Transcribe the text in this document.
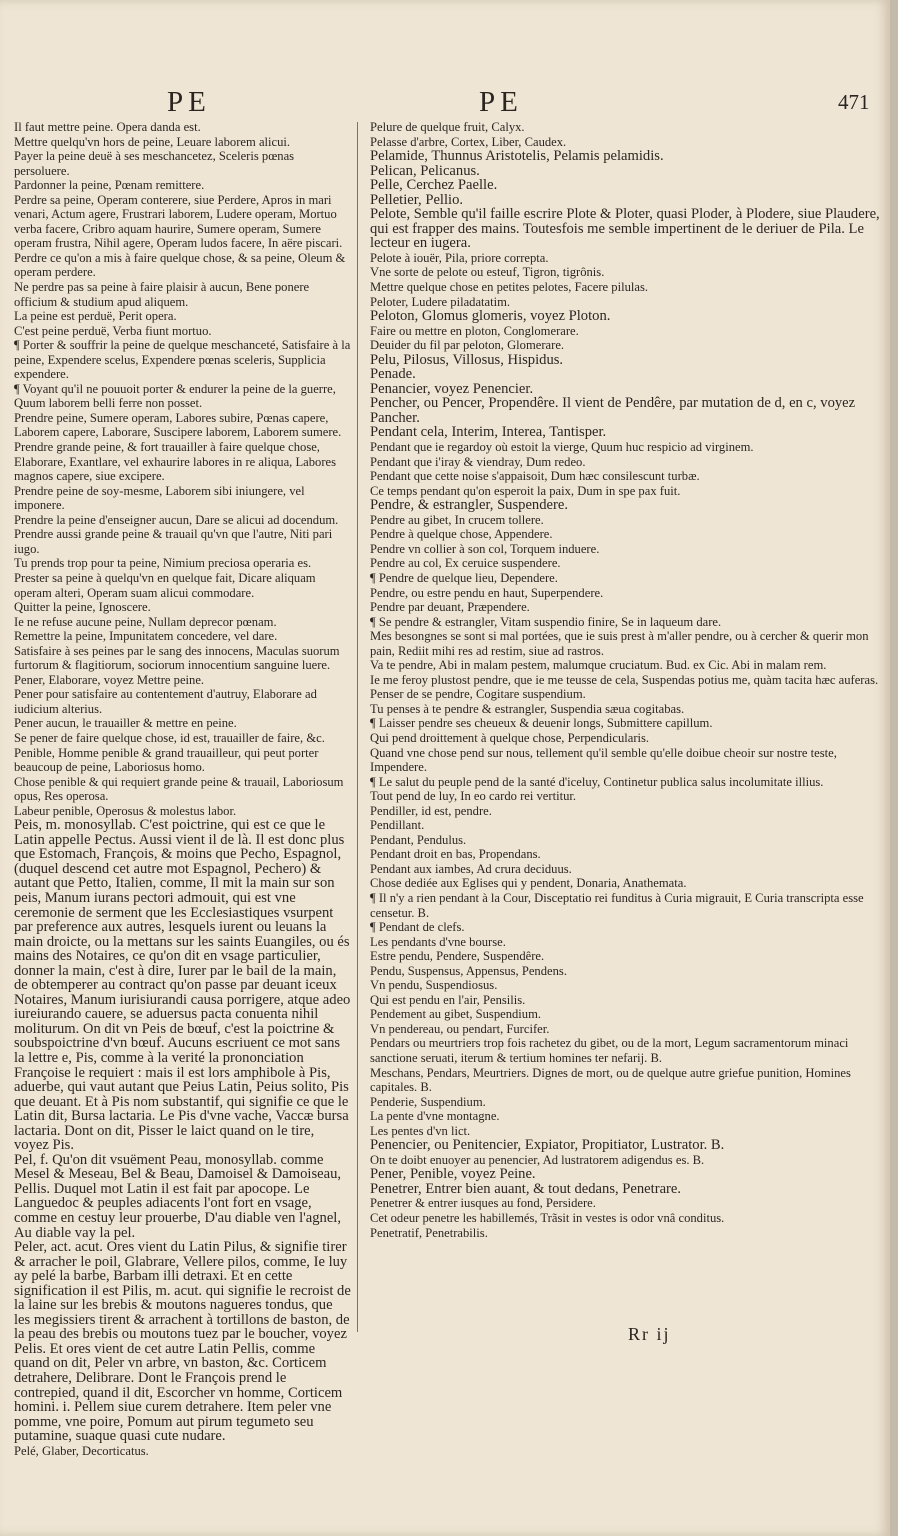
PE	PE	471

Il faut mettre peine. Opera danda est.

Mettre quelqu'vn hors de peine, Leuare laborem alicui.

Payer la peine deuë à ses meschancetez, Sceleris pœnas persoluere.

Pardonner la peine, Pœnam remittere.

Perdre sa peine, Operam conterere, siue Perdere, Apros in mari venari, Actum agere, Frustrari laborem, Ludere operam, Mortuo verba facere, Cribro aquam haurire, Sumere operam, Sumere operam frustra, Nihil agere, Operam ludos facere, In aëre piscari.

Perdre ce qu'on a mis à faire quelque chose, & sa peine, Oleum & operam perdere.

Ne perdre pas sa peine à faire plaisir à aucun, Bene ponere officium & studium apud aliquem.

La peine est perduë, Perit opera.

C'est peine perduë, Verba fiunt mortuo.

¶ Porter & souffrir la peine de quelque meschanceté, Satisfaire à la peine, Expendere scelus, Expendere pœnas sceleris, Supplicia expendere.

¶ Voyant qu'il ne pouuoit porter & endurer la peine de la guerre, Quum laborem belli ferre non posset.

Prendre peine, Sumere operam, Labores subire, Pœnas capere, Laborem capere, Laborare, Suscipere laborem, Laborem sumere.

Prendre grande peine, & fort trauailler à faire quelque chose, Elaborare, Exantlare, vel exhaurire labores in re aliqua, Labores magnos capere, siue excipere.

Prendre peine de soy-mesme, Laborem sibi iniungere, vel imponere.

Prendre la peine d'enseigner aucun, Dare se alicui ad docendum.

Prendre aussi grande peine & trauail qu'vn que l'autre, Niti pari iugo.

Tu prends trop pour ta peine, Nimium preciosa operaria es.

Prester sa peine à quelqu'vn en quelque fait, Dicare aliquam operam alteri, Operam suam alicui commodare.

Quitter la peine, Ignoscere.

Ie ne refuse aucune peine, Nullam deprecor pœnam.

Remettre la peine, Impunitatem concedere, vel dare.

Satisfaire à ses peines par le sang des innocens, Maculas suorum furtorum & flagitiorum, sociorum innocentium sanguine luere.

Pener, Elaborare, voyez Mettre peine.

Pener pour satisfaire au contentement d'autruy, Elaborare ad iudicium alterius.

Pener aucun, le trauailler & mettre en peine.

Se pener de faire quelque chose, id est, trauailler de faire, &c.

Penible, Homme penible & grand trauailleur, qui peut porter beaucoup de peine, Laboriosus homo.

Chose penible & qui requiert grande peine & trauail, Laboriosum opus, Res operosa.

Labeur penible, Operosus & molestus labor.

Peis, m. monosyllab. C'est poictrine, qui est ce que le Latin appelle Pectus. Aussi vient il de là. Il est donc plus que Estomach, François, & moins que Pecho, Espagnol, (duquel descend cet autre mot Espagnol, Pechero) & autant que Petto, Italien, comme, Il mit la main sur son peis, Manum iurans pectori admouit, qui est vne ceremonie de serment que les Ecclesiastiques vsurpent par preference aux autres, lesquels iurent ou leuans la main droicte, ou la mettans sur les saints Euangiles, ou és mains des Notaires, ce qu'on dit en vsage particulier, donner la main, c'est à dire, Iurer par le bail de la main, de obtemperer au contract qu'on passe par deuant iceux Notaires, Manum iurisiurandi causa porrigere, atque adeo iureiurando cauere, se aduersus pacta conuenta nihil moliturum. On dit vn Peis de bœuf, c'est la poictrine & soubspoictrine d'vn bœuf. Aucuns escriuent ce mot sans la lettre e, Pis, comme à la verité la prononciation Françoise le requiert : mais il est lors amphibole à Pis, aduerbe, qui vaut autant que Peius Latin, Peius solito, Pis que deuant. Et à Pis nom substantif, qui signifie ce que le Latin dit, Bursa lactaria. Le Pis d'vne vache, Vaccæ bursa lactaria. Dont on dit, Pisser le laict quand on le tire, voyez Pis.

Pel, f. Qu'on dit vsuëment Peau, monosyllab. comme Mesel & Meseau, Bel & Beau, Damoisel & Damoiseau, Pellis. Duquel mot Latin il est fait par apocope. Le Languedoc & peuples adiacents l'ont fort en vsage, comme en cestuy leur prouerbe, D'au diable ven l'agnel, Au diable vay la pel.

Peler, act. acut. Ores vient du Latin Pilus, & signifie tirer & arracher le poil, Glabrare, Vellere pilos, comme, Ie luy ay pelé la barbe, Barbam illi detraxi. Et en cette signification il est Pilis, m. acut. qui signifie le recroist de la laine sur les brebis & moutons nagueres tondus, que les megissiers tirent & arrachent à tortillons de baston, de la peau des brebis ou moutons tuez par le boucher, voyez Pelis. Et ores vient de cet autre Latin Pellis, comme quand on dit, Peler vn arbre, vn baston, &c. Corticem detrahere, Delibrare. Dont le François prend le contrepied, quand il dit, Escorcher vn homme, Corticem homini. i. Pellem siue curem detrahere. Item peler vne pomme, vne poire, Pomum aut pirum tegumeto seu putamine, suaque quasi cute nudare.

Pelé, Glaber, Decorticatus.

Pelure de quelque fruit, Calyx.

Pelasse d'arbre, Cortex, Liber, Caudex.

Pelamide, Thunnus Aristotelis, Pelamis pelamidis.

Pelican, Pelicanus.

Pelle, Cerchez Paelle.

Pelletier, Pellio.

Pelote, Semble qu'il faille escrire Plote & Ploter, quasi Ploder, à Plodere, siue Plaudere, qui est frapper des mains. Toutesfois me semble impertinent de le deriuer de Pila. Le lecteur en iugera.

Pelote à iouër, Pila, priore correpta.

Vne sorte de pelote ou esteuf, Tigron, tigrônis.

Mettre quelque chose en petites pelotes, Facere pilulas.

Peloter, Ludere piladatatim.

Peloton, Glomus glomeris, voyez Ploton.

Faire ou mettre en ploton, Conglomerare.

Deuider du fil par peloton, Glomerare.

Pelu, Pilosus, Villosus, Hispidus.

Penade.

Penancier, voyez Penencier.

Pencher, ou Pencer, Propendêre. Il vient de Pendêre, par mutation de d, en c, voyez Pancher.

Pendant cela, Interim, Interea, Tantisper.

Pendant que ie regardoy où estoit la vierge, Quum huc respicio ad virginem.

Pendant que i'iray & viendray, Dum redeo.

Pendant que cette noise s'appaisoit, Dum hæc consilescunt turbæ.

Ce temps pendant qu'on esperoit la paix, Dum in spe pax fuit.

Pendre, & estrangler, Suspendere.

Pendre au gibet, In crucem tollere.

Pendre à quelque chose, Appendere.

Pendre vn collier à son col, Torquem induere.

Pendre au col, Ex ceruice suspendere.

¶ Pendre de quelque lieu, Dependere.

Pendre, ou estre pendu en haut, Superpendere.

Pendre par deuant, Præpendere.

¶ Se pendre & estrangler, Vitam suspendio finire, Se in laqueum dare.

Mes besongnes se sont si mal portées, que ie suis prest à m'aller pendre, ou à cercher & querir mon pain, Rediit mihi res ad restim, siue ad rastros.

Va te pendre, Abi in malam pestem, malumque cruciatum. Bud. ex Cic. Abi in malam rem.

Ie me feroy plustost pendre, que ie me teusse de cela, Suspendas potius me, quàm tacita hæc auferas.

Penser de se pendre, Cogitare suspendium.

Tu penses à te pendre & estrangler, Suspendia sæua cogitabas.

¶ Laisser pendre ses cheueux & deuenir longs, Submittere capillum.

Qui pend droittement à quelque chose, Perpendicularis.

Quand vne chose pend sur nous, tellement qu'il semble qu'elle doibue cheoir sur nostre teste, Impendere.

¶ Le salut du peuple pend de la santé d'iceluy, Continetur publica salus incolumitate illius.

Tout pend de luy, In eo cardo rei vertitur.

Pendiller, id est, pendre.

Pendillant.

Pendant, Pendulus.

Pendant droit en bas, Propendans.

Pendant aux iambes, Ad crura deciduus.

Chose dediée aux Eglises qui y pendent, Donaria, Anathemata.

¶ Il n'y a rien pendant à la Cour, Disceptatio rei funditus à Curia migrauit, E Curia transcripta esse censetur. B.

¶ Pendant de clefs.

Les pendants d'vne bourse.

Estre pendu, Pendere, Suspendêre.

Pendu, Suspensus, Appensus, Pendens.

Vn pendu, Suspendiosus.

Qui est pendu en l'air, Pensilis.

Pendement au gibet, Suspendium.

Vn pendereau, ou pendart, Furcifer.

Pendars ou meurtriers trop fois rachetez du gibet, ou de la mort, Legum sacramentorum minaci sanctione seruati, iterum & tertium homines ter nefarij. B.

Meschans, Pendars, Meurtriers. Dignes de mort, ou de quelque autre griefue punition, Homines capitales. B.

Penderie, Suspendium.

La pente d'vne montagne.

Les pentes d'vn lict.

Penencier, ou Penitencier, Expiator, Propitiator, Lustrator. B.

On te doibt enuoyer au penencier, Ad lustratorem adigendus es. B.

Pener, Penible, voyez Peine.

Penetrer, Entrer bien auant, & tout dedans, Penetrare.

Penetrer & entrer iusques au fond, Persidere.

Cet odeur penetre les habillemés, Trãsit in vestes is odor vnâ conditus.

Penetratif, Penetrabilis.

Rr ij
